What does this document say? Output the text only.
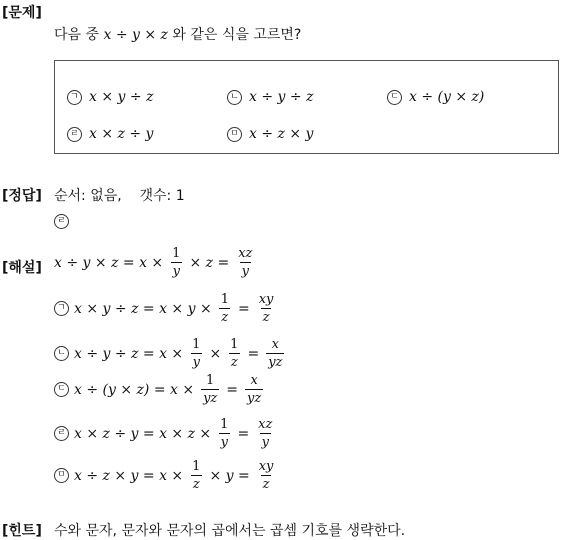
[문제]
다음 중 x ÷ y × z 와 같은 식을 고르면?
ㄱ x × y ÷ z	ㄴ x ÷ y ÷ z	ㄷ x ÷ (y × z)
ㄹ x × z ÷ y	ㅁ x ÷ z × y
[정답] 순서: 없음,    갯수: 1
ㄹ
[해설] $x \div y \times z = x \times \frac{1}{y} \times z = \frac{xz}{y}$
ㄱ $x \times y \div z = x \times y \times \frac{1}{z} = \frac{xy}{z}$
ㄴ $x \div y \div z = x \times \frac{1}{y} \times \frac{1}{z} = \frac{x}{yz}$
ㄷ $x \div (y \times z) = x \times \frac{1}{yz} = \frac{x}{yz}$
ㄹ $x \times z \div y = x \times z \times \frac{1}{y} = \frac{xz}{y}$
ㅁ $x \div z \times y = x \times \frac{1}{z} \times y = \frac{xy}{z}$
[힌트] 수와 문자, 문자와 문자의 곱에서는 곱셈 기호를 생략한다.
